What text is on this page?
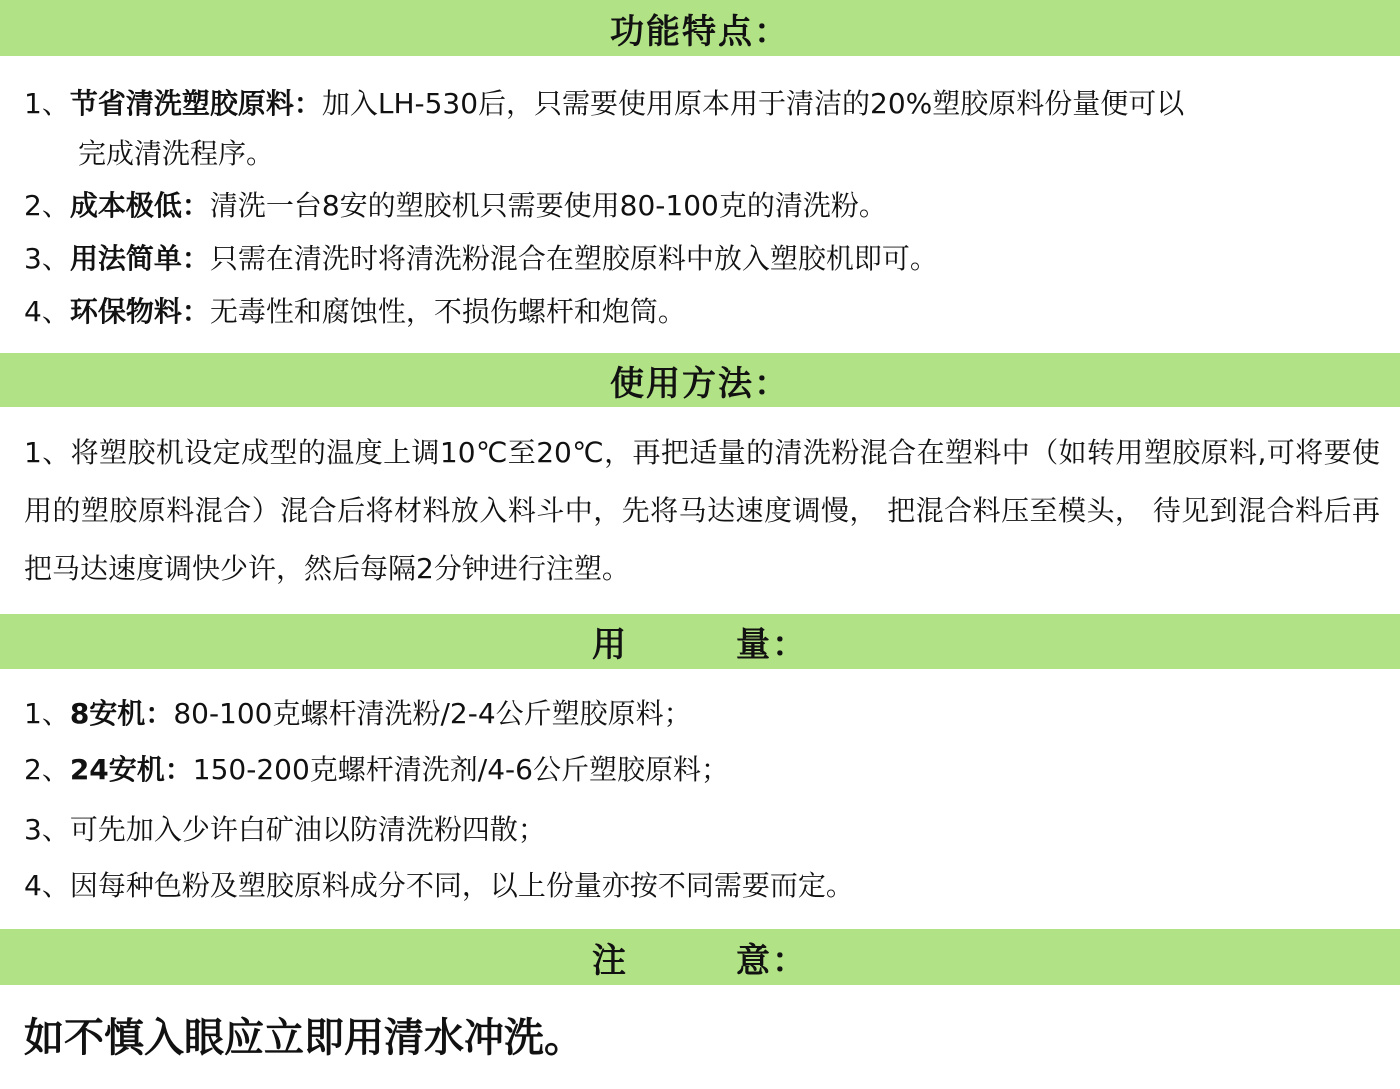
功能特点：
1、节省清洗塑胶原料：加入LH-530后，只需要使用原本用于清洁的20%塑胶原料份量便可以
完成清洗程序。
2、成本极低：清洗一台8安的塑胶机只需要使用80-100克的清洗粉。
3、用法简单：只需在清洗时将清洗粉混合在塑胶原料中放入塑胶机即可。
4、环保物料：无毒性和腐蚀性，不损伤螺杆和炮筒。
使用方法：
1、将塑胶机设定成型的温度上调10℃至20℃，再把适量的清洗粉混合在塑料中（如转用塑胶原料,可将要使用的塑胶原料混合）混合后将材料放入料斗中，先将马达速度调慢， 把混合料压至模头， 待见到混合料后再把马达速度调快少许，然后每隔2分钟进行注塑。
用　　　量：
1、8安机：80-100克螺杆清洗粉/2-4公斤塑胶原料；
2、24安机：150-200克螺杆清洗剂/4-6公斤塑胶原料；
3、可先加入少许白矿油以防清洗粉四散；
4、因每种色粉及塑胶原料成分不同，以上份量亦按不同需要而定。
注　　　意：
如不慎入眼应立即用清水冲洗。
